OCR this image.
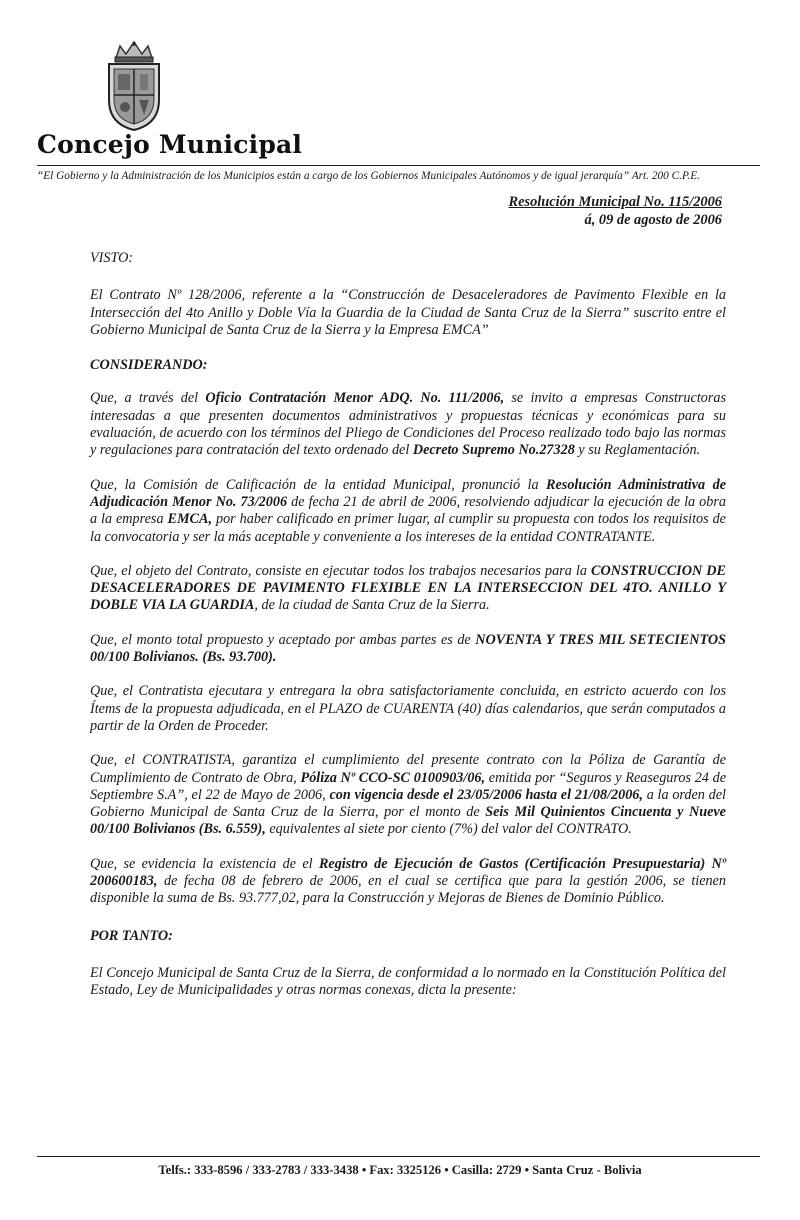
Concejo Municipal
“El Gobierno y la Administración de los Municipios están a cargo de los Gobiernos Municipales Autónomos y de igual jerarquía” Art. 200 C.P.E.
Resolución Municipal No. 115/2006
á, 09 de agosto de 2006

VISTO:

El Contrato Nº 128/2006, referente a la “Construcción de Desaceleradores de Pavimento Flexible en la Intersección del 4to Anillo y Doble Vía la Guardia de la Ciudad de Santa Cruz de la Sierra” suscrito entre el Gobierno Municipal de Santa Cruz de la Sierra y la Empresa EMCA”

CONSIDERANDO:

Que, a través del Oficio Contratación Menor ADQ. No. 111/2006, se invito a empresas Constructoras interesadas a que presenten documentos administrativos y propuestas técnicas y económicas para su evaluación, de acuerdo con los términos del Pliego de Condiciones del Proceso realizado todo bajo las normas y regulaciones para contratación del texto ordenado del Decreto Supremo No.27328 y su Reglamentación.

Que, la Comisión de Calificación de la entidad Municipal, pronunció la Resolución Administrativa de Adjudicación Menor No. 73/2006 de fecha 21 de abril de 2006, resolviendo adjudicar la ejecución de la obra a la empresa EMCA, por haber calificado en primer lugar, al cumplir su propuesta con todos los requisitos de la convocatoria y ser la más aceptable y conveniente a los intereses de la entidad CONTRATANTE.

Que, el objeto del Contrato, consiste en ejecutar todos los trabajos necesarios para la CONSTRUCCION DE DESACELERADORES DE PAVIMENTO FLEXIBLE EN LA INTERSECCION DEL 4TO. ANILLO Y DOBLE VIA LA GUARDIA, de la ciudad de Santa Cruz de la Sierra.

Que, el monto total propuesto y aceptado por ambas partes es de NOVENTA Y TRES MIL SETECIENTOS 00/100 Bolivianos. (Bs. 93.700).

Que, el Contratista ejecutara y entregara la obra satisfactoriamente concluida, en estricto acuerdo con los Ítems de la propuesta adjudicada, en el PLAZO de CUARENTA (40) días calendarios, que serán computados a partir de la Orden de Proceder.

Que, el CONTRATISTA, garantiza el cumplimiento del presente contrato con la Póliza de Garantía de Cumplimiento de Contrato de Obra, Póliza Nº CCO-SC 0100903/06, emitida por “Seguros y Reaseguros 24 de Septiembre S.A”, el 22 de Mayo de 2006, con vigencia desde el 23/05/2006 hasta el 21/08/2006, a la orden del Gobierno Municipal de Santa Cruz de la Sierra, por el monto de Seis Mil Quinientos Cincuenta y Nueve 00/100 Bolivianos (Bs. 6.559), equivalentes al siete por ciento (7%) del valor del CONTRATO.

Que, se evidencia la existencia de el Registro de Ejecución de Gastos (Certificación Presupuestaria) Nº 200600183, de fecha 08 de febrero de 2006, en el cual se certifica que para la gestión 2006, se tienen disponible la suma de Bs. 93.777,02, para la Construcción y Mejoras de Bienes de Dominio Público.

POR TANTO:

El Concejo Municipal de Santa Cruz de la Sierra, de conformidad a lo normado en la Constitución Política del Estado, Ley de Municipalidades y otras normas conexas, dicta la presente:

Telfs.: 333-8596 / 333-2783 / 333-3438 • Fax: 3325126 • Casilla: 2729 • Santa Cruz - Bolivia
